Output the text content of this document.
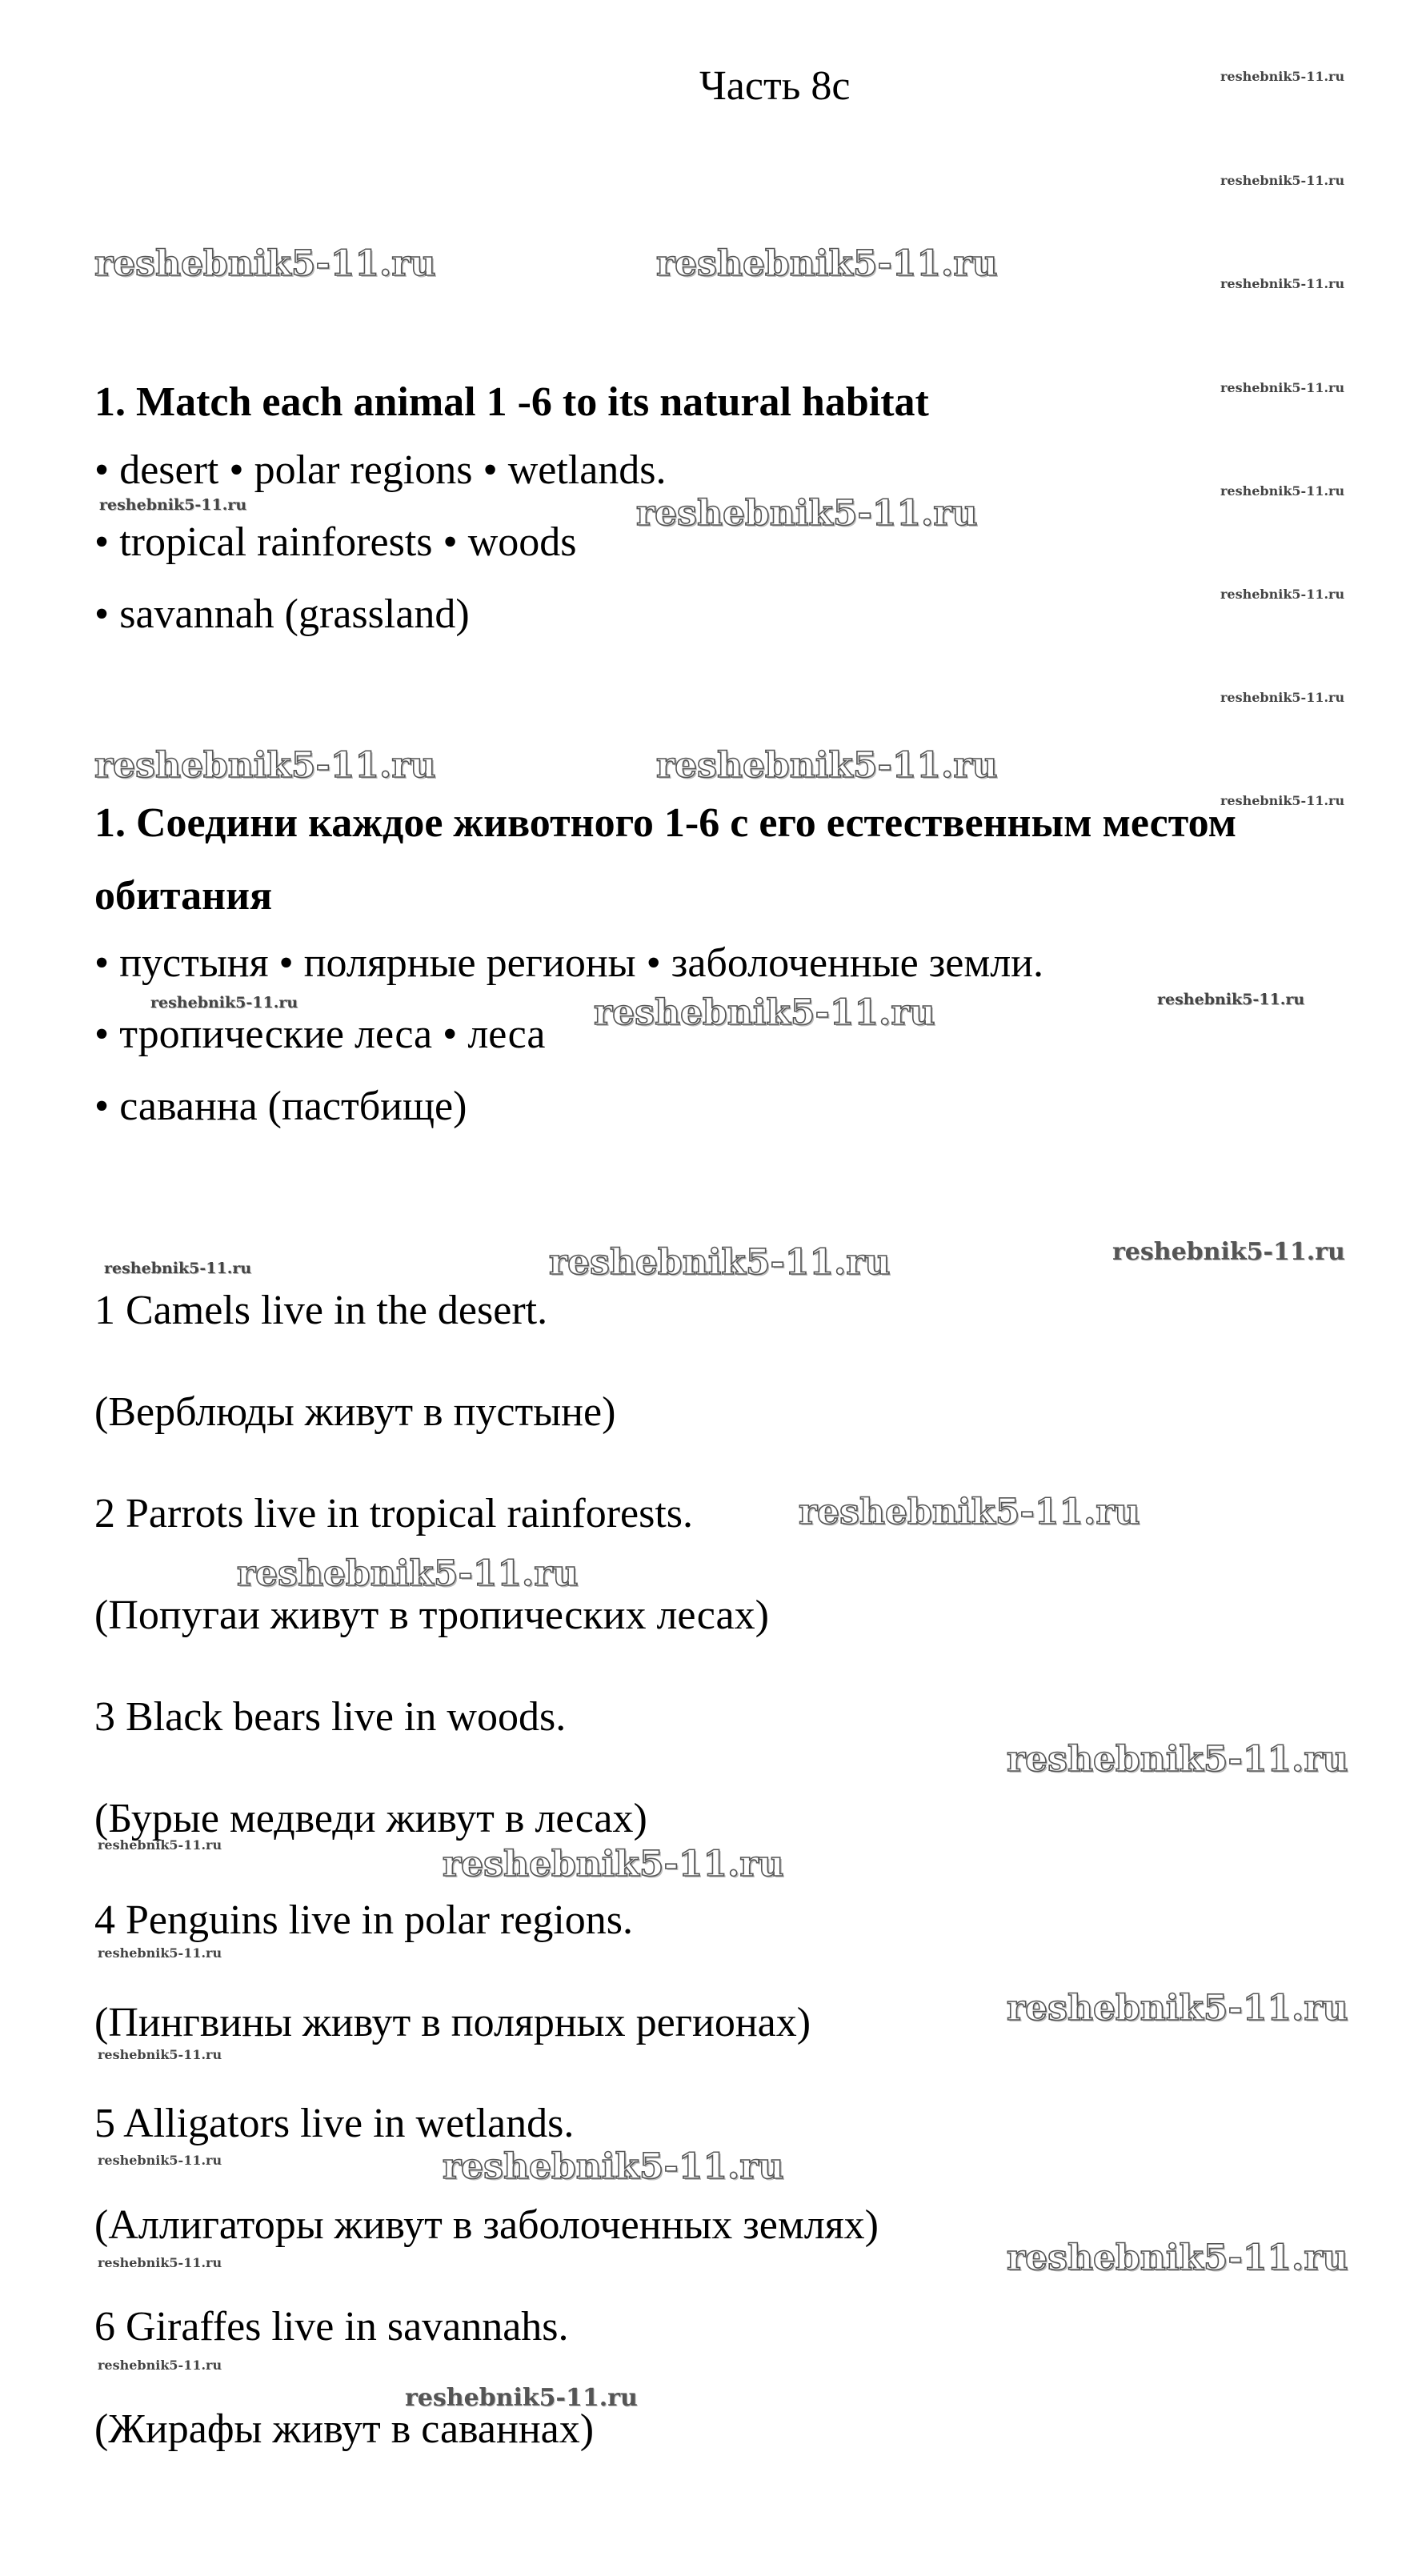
Часть 8с
1. Match each animal 1 -6 to its natural habitat
• desert • polar regions • wetlands.
• tropical rainforests • woods
• savannah (grassland)
1. Соедини каждое животного 1-6 с его естественным местом
обитания
• пустыня • полярные регионы • заболоченные земли.
• тропические леса • леса
• саванна (пастбище)
1 Camels live in the desert.
(Верблюды живут в пустыне)
2 Parrots live in tropical rainforests.
(Попугаи живут в тропических лесах)
3 Black bears live in woods.
(Бурые медведи живут в лесах)
4 Penguins live in polar regions.
(Пингвины живут в полярных регионах)
5 Alligators live in wetlands.
(Аллигаторы живут в заболоченных землях)
6 Giraffes live in savannahs.
(Жирафы живут в саваннах)
reshebnik5-11.ru
reshebnik5-11.ru
reshebnik5-11.ru
reshebnik5-11.ru
reshebnik5-11.ru
reshebnik5-11.ru
reshebnik5-11.ru
reshebnik5-11.ru
reshebnik5-11.ru	reshebnik5-11.ru
reshebnik5-11.ru
reshebnik5-11.ru	reshebnik5-11.ru
reshebnik5-11.ru
reshebnik5-11.ru
reshebnik5-11.ru
reshebnik5-11.ru
reshebnik5-11.ru
reshebnik5-11.ru
reshebnik5-11.ru
reshebnik5-11.ru
reshebnik5-11.ru
reshebnik5-11.ru
reshebnik5-11.ru
reshebnik5-11.ru
reshebnik5-11.ru	reshebnik5-11.ru
reshebnik5-11.ru
reshebnik5-11.ru
reshebnik5-11.ru
reshebnik5-11.ru
reshebnik5-11.ru
reshebnik5-11.ru
reshebnik5-11.ru
